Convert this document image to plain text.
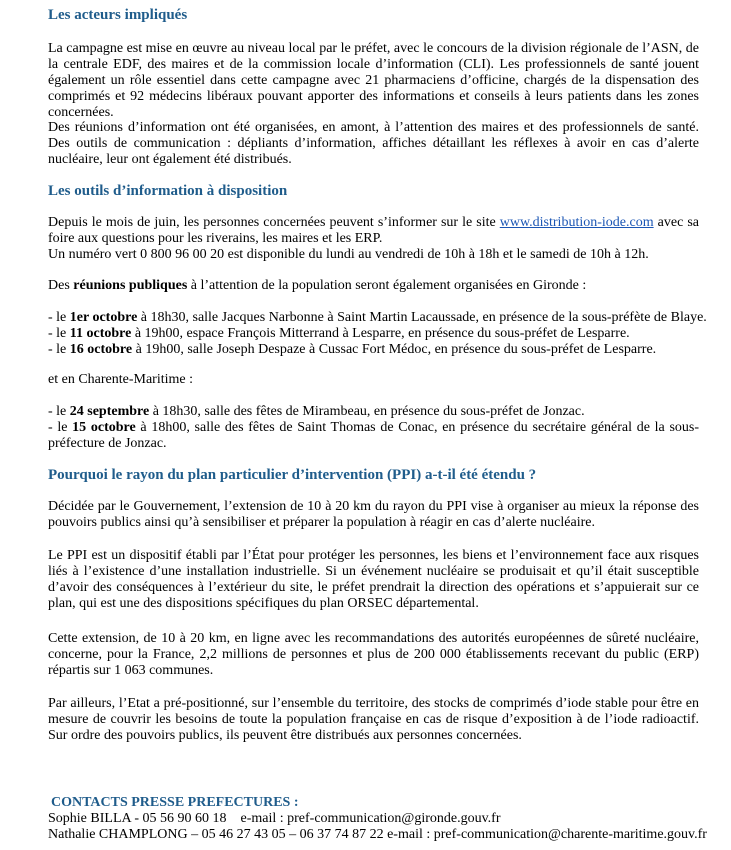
Les acteurs impliqués

La campagne est mise en œuvre au niveau local par le préfet, avec le concours de la division régionale de l’ASN, de la centrale EDF, des maires et de la commission locale d’information (CLI). Les professionnels de santé jouent également un rôle essentiel dans cette campagne avec 21 pharmaciens d’officine, chargés de la dispensation des comprimés et 92 médecins libéraux pouvant apporter des informations et conseils à leurs patients dans les zones concernées.

Des réunions d’information ont été organisées, en amont, à l’attention des maires et des professionnels de santé. Des outils de communication : dépliants d’information, affiches détaillant les réflexes à avoir en cas d’alerte nucléaire, leur ont également été distribués.

Les outils d’information à disposition

Depuis le mois de juin, les personnes concernées peuvent s’informer sur le site www.distribution-iode.com avec sa foire aux questions pour les riverains, les maires et les ERP.

Un numéro vert 0 800 96 00 20 est disponible du lundi au vendredi de 10h à 18h et le samedi de 10h à 12h.

Des réunions publiques à l’attention de la population seront également organisées en Gironde :

- le 1er octobre à 18h30, salle Jacques Narbonne à Saint Martin Lacaussade, en présence de la sous-préfète de Blaye.

- le 11 octobre à 19h00, espace François Mitterrand à Lesparre, en présence du sous-préfet de Lesparre.

- le 16 octobre à 19h00, salle Joseph Despaze à Cussac Fort Médoc, en présence du sous-préfet de Lesparre.

et en Charente-Maritime :

- le 24 septembre à 18h30, salle des fêtes de Mirambeau, en présence du sous-préfet de Jonzac.

- le 15 octobre à 18h00, salle des fêtes de Saint Thomas de Conac, en présence du secrétaire général de la sous-préfecture de Jonzac.

Pourquoi le rayon du plan particulier d’intervention (PPI) a-t-il été étendu ?

Décidée par le Gouvernement, l’extension de 10 à 20 km du rayon du PPI vise à organiser au mieux la réponse des pouvoirs publics ainsi qu’à sensibiliser et préparer la population à réagir en cas d’alerte nucléaire.

Le PPI est un dispositif établi par l’État pour protéger les personnes, les biens et l’environnement face aux risques liés à l’existence d’une installation industrielle. Si un événement nucléaire se produisait et qu’il était susceptible d’avoir des conséquences à l’extérieur du site, le préfet prendrait la direction des opérations et s’appuierait sur ce plan, qui est une des dispositions spécifiques du plan ORSEC départemental.

Cette extension, de 10 à 20 km, en ligne avec les recommandations des autorités européennes de sûreté nucléaire, concerne, pour la France, 2,2 millions de personnes et plus de 200 000 établissements recevant du public (ERP) répartis sur 1 063 communes.

Par ailleurs, l’Etat a pré-positionné, sur l’ensemble du territoire, des stocks de comprimés d’iode stable pour être en mesure de couvrir les besoins de toute la population française en cas de risque d’exposition à de l’iode radioactif. Sur ordre des pouvoirs publics, ils peuvent être distribués aux personnes concernées.

CONTACTS PRESSE PREFECTURES :
Sophie BILLA - 05 56 90 60 18    e-mail : pref-communication@gironde.gouv.fr
Nathalie CHAMPLONG – 05 46 27 43 05 – 06 37 74 87 22 e-mail : pref-communication@charente-maritime.gouv.fr
